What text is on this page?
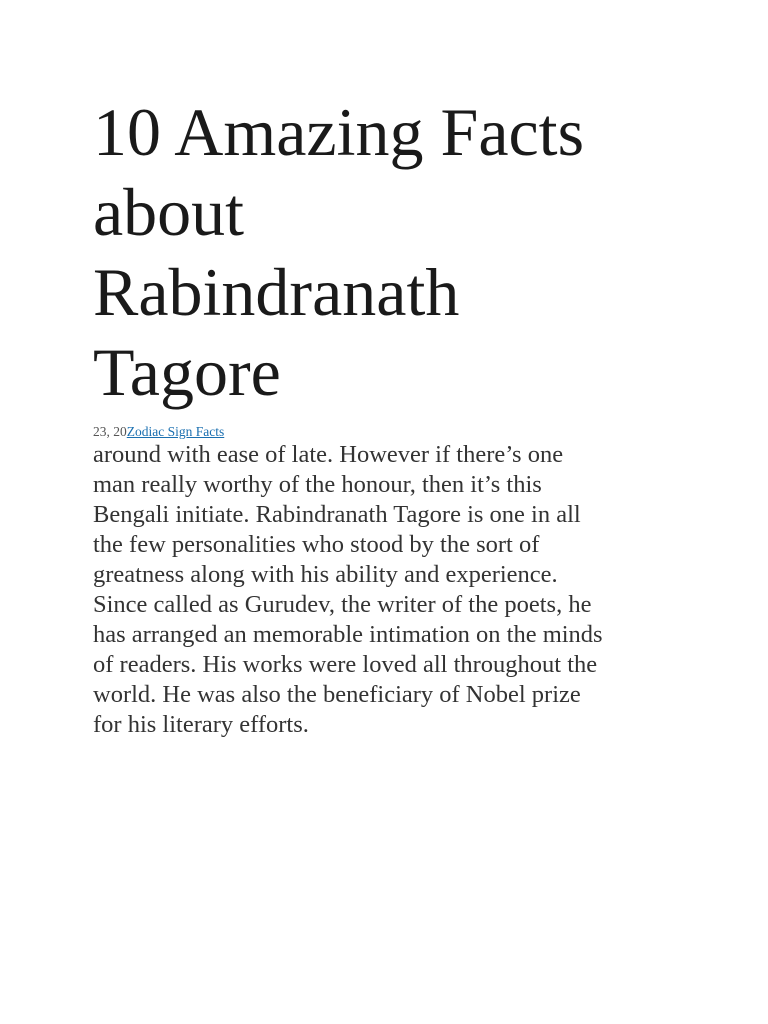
10 Amazing Facts
about
Rabindranath
Tagore
23, 20Zodiac Sign Facts
around with ease of late. However if there’s one
man really worthy of the honour, then it’s this
Bengali initiate. Rabindranath Tagore is one in all
the few personalities who stood by the sort of
greatness along with his ability and experience.
Since called as Gurudev, the writer of the poets, he
has arranged an memorable intimation on the minds
of readers. His works were loved all throughout the
world. He was also the beneficiary of Nobel prize
for his literary efforts.
